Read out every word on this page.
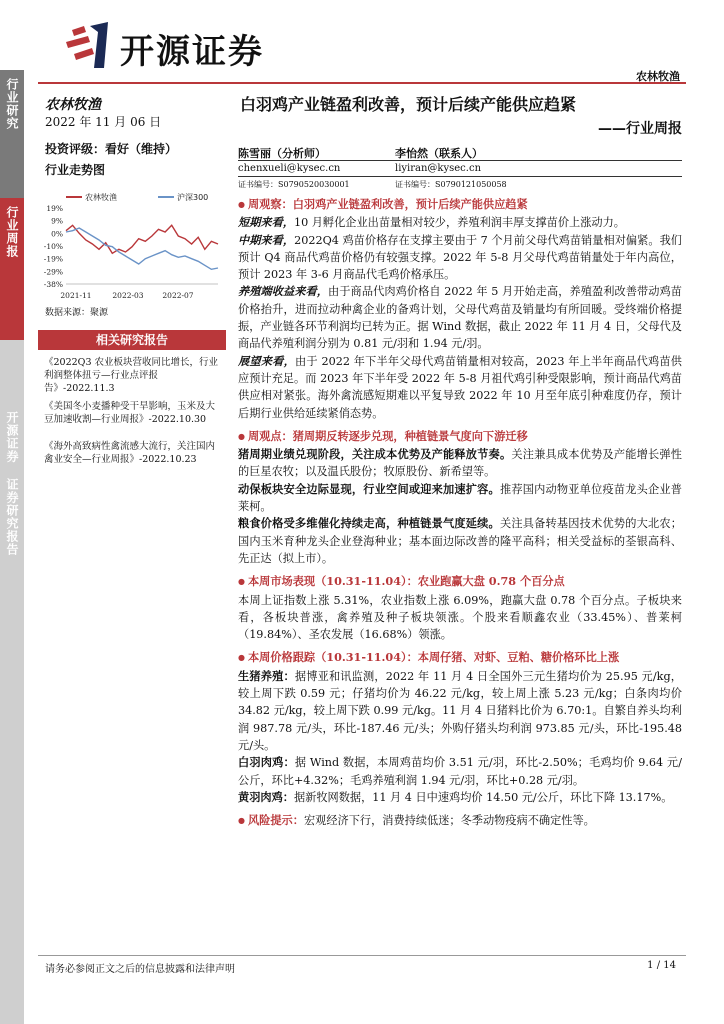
开源证券
农林牧渔
行业研究
行业周报
开源证券 证券研究报告
农林牧渔
2022 年 11 月 06 日
投资评级：看好（维持）
行业走势图
农林牧渔	沪深300
19%
9%
0%
-10%
-19%
-29%
-38%
2021-11	2022-03	2022-07
数据来源：聚源
相关研究报告
《2022Q3 农业板块营收同比增长，行业利润整体扭亏—行业点评报告》-2022.11.3
《美国冬小麦播种受干旱影响，玉米及大豆加速收割—行业周报》-2022.10.30
《海外高致病性禽流感大流行，关注国内禽业安全—行业周报》-2022.10.23
白羽鸡产业链盈利改善，预计后续产能供应趋紧
——行业周报
陈雪丽（分析师）	李怡然（联系人）
chenxueli@kysec.cn	liyiran@kysec.cn
证书编号：S0790520030001	证书编号：S0790121050058

● 周观察：白羽鸡产业链盈利改善，预计后续产能供应趋紧

短期来看，10 月孵化企业出苗量相对较少，养殖利润丰厚支撑苗价上涨动力。

中期来看，2022Q4 鸡苗价格存在支撑主要由于 7 个月前父母代鸡苗销量相对偏紧。我们预计 Q4 商品代鸡苗价格仍有较强支撑。2022 年 5-8 月父母代鸡苗销量处于年内高位，预计 2023 年 3-6 月商品代毛鸡价格承压。

养殖端收益来看，由于商品代肉鸡价格自 2022 年 5 月开始走高，养殖盈利改善带动鸡苗价格抬升，进而拉动种禽企业的备鸡计划，父母代鸡苗及销量均有所回暖。受终端价格提振，产业链各环节利润均已转为正。据 Wind 数据，截止 2022 年 11 月 4 日，父母代及商品代养殖利润分别为 0.81 元/羽和 1.94 元/羽。

展望来看，由于 2022 年下半年父母代鸡苗销量相对较高，2023 年上半年商品代鸡苗供应预计充足。而 2023 年下半年受 2022 年 5-8 月祖代鸡引种受限影响，预计商品代鸡苗供应相对紧张。海外禽流感短期难以平复导致 2022 年 10 月至年底引种难度仍存，预计后期行业供给延续紧俏态势。

● 周观点：猪周期反转逐步兑现，种植链景气度向下游迁移

猪周期业绩兑现阶段，关注成本优势及产能释放节奏。关注兼具成本优势及产能增长弹性的巨星农牧；以及温氏股份；牧原股份、新希望等。

动保板块安全边际显现，行业空间或迎来加速扩容。推荐国内动物亚单位疫苗龙头企业普莱柯。

粮食价格受多维催化持续走高，种植链景气度延续。关注具备转基因技术优势的大北农；国内玉米育种龙头企业登海种业；基本面边际改善的隆平高科；相关受益标的荃银高科、先正达（拟上市）。

● 本周市场表现（10.31-11.04）：农业跑赢大盘 0.78 个百分点

本周上证指数上涨 5.31%，农业指数上涨 6.09%，跑赢大盘 0.78 个百分点。子板块来看，各板块普涨，禽养殖及种子板块领涨。个股来看顺鑫农业（33.45%）、普莱柯（19.84%）、圣农发展（16.68%）领涨。

● 本周价格跟踪（10.31-11.04）：本周仔猪、对虾、豆粕、糖价格环比上涨

生猪养殖：据博亚和讯监测，2022 年 11 月 4 日全国外三元生猪均价为 25.95 元/kg，较上周下跌 0.59 元；仔猪均价为 46.22 元/kg，较上周上涨 5.23 元/kg；白条肉均价 34.82 元/kg，较上周下跌 0.99 元/kg。11 月 4 日猪料比价为 6.70:1。自繁自养头均利润 987.78 元/头，环比-187.46 元/头；外购仔猪头均利润 973.85 元/头，环比-195.48 元/头。

白羽肉鸡：据 Wind 数据，本周鸡苗均价 3.51 元/羽，环比-2.50%；毛鸡均价 9.64 元/公斤，环比+4.32%；毛鸡养殖利润 1.94 元/羽，环比+0.28 元/羽。

黄羽肉鸡：据新牧网数据，11 月 4 日中速鸡均价 14.50 元/公斤，环比下降 13.17%。

● 风险提示：宏观经济下行，消费持续低迷；冬季动物疫病不确定性等。

请务必参阅正文之后的信息披露和法律声明	1 / 14
